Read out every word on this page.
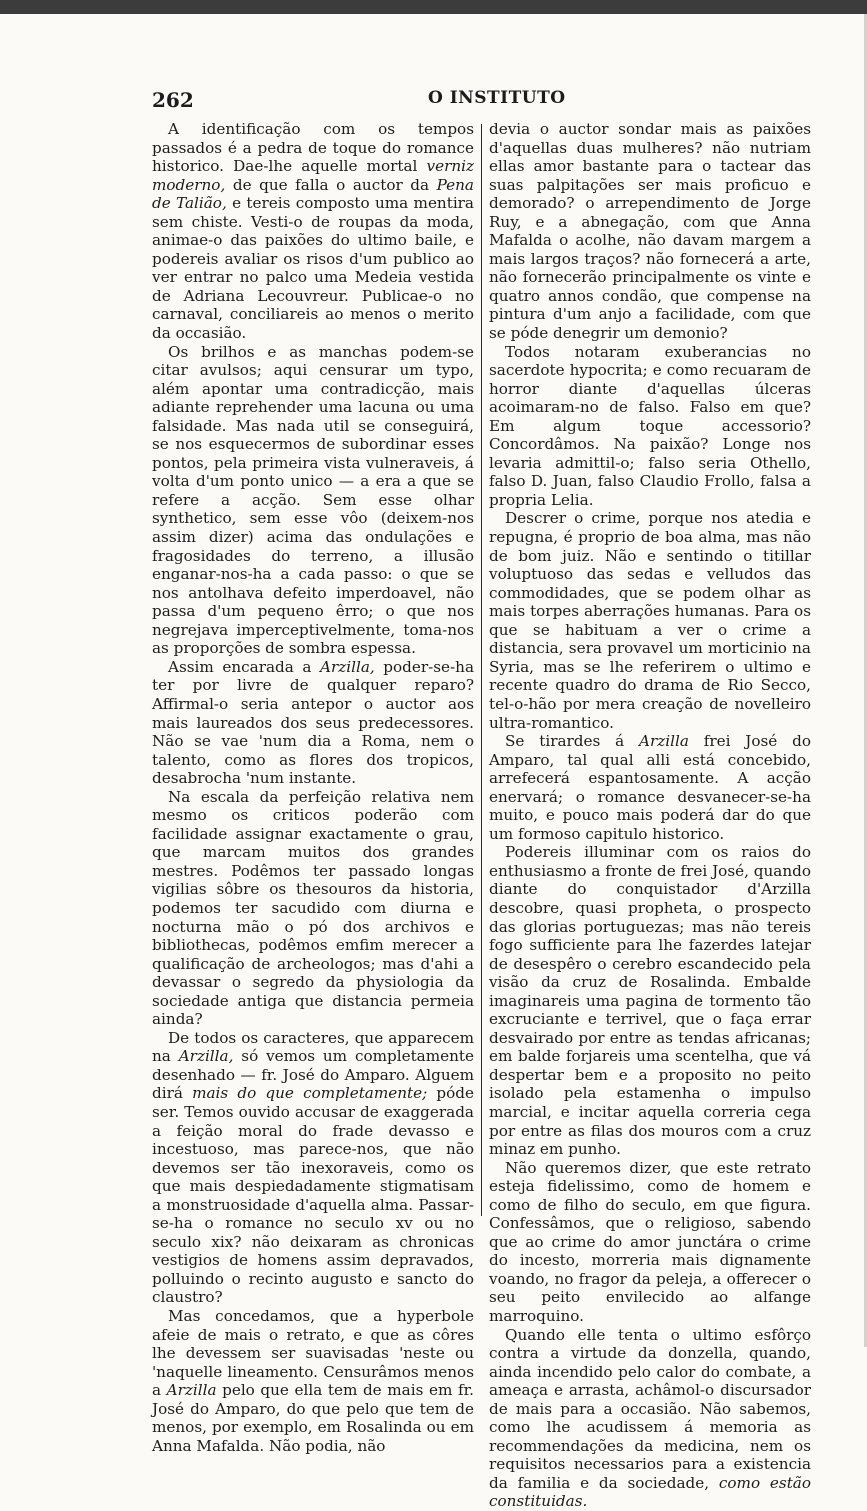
262	O INSTITUTO

A identificação com os tempos passados é a pedra de toque do romance historico. Dae-lhe aquelle mortal verniz moderno, de que falla o auctor da Pena de Talião, e tereis composto uma mentira sem chiste. Vesti-o de roupas da moda, animae-o das paixões do ultimo baile, e podereis avaliar os risos d'um publico ao ver entrar no palco uma Medeia vestida de Adriana Lecouvreur. Publicae-o no carnaval, conciliareis ao menos o merito da occasião.

Os brilhos e as manchas podem-se citar avulsos; aqui censurar um typo, além apontar uma contradicção, mais adiante reprehender uma lacuna ou uma falsidade. Mas nada util se conseguirá, se nos esquecermos de subordinar esses pontos, pela primeira vista vulneraveis, á volta d'um ponto unico — a era a que se refere a acção. Sem esse olhar synthetico, sem esse vôo (deixem-nos assim dizer) acima das ondulações e fragosidades do terreno, a illusão enganar-nos-ha a cada passo: o que se nos antolhava defeito imperdoavel, não passa d'um pequeno êrro; o que nos negrejava imperceptivelmente, toma-nos as proporções de sombra espessa.

Assim encarada a Arzilla, poder-se-ha ter por livre de qualquer reparo? Affirmal-o seria antepor o auctor aos mais laureados dos seus predecessores. Não se vae 'num dia a Roma, nem o talento, como as flores dos tropicos, desabrocha 'num instante.

Na escala da perfeição relativa nem mesmo os criticos poderão com facilidade assignar exactamente o grau, que marcam muitos dos grandes mestres. Podêmos ter passado longas vigilias sôbre os thesouros da historia, podemos ter sacudido com diurna e nocturna mão o pó dos archivos e bibliothecas, podêmos emfim merecer a qualificação de archeologos; mas d'ahi a devassar o segredo da physiologia da sociedade antiga que distancia permeia ainda?

De todos os caracteres, que apparecem na Arzilla, só vemos um completamente desenhado — fr. José do Amparo. Alguem dirá mais do que completamente; póde ser. Temos ouvido accusar de exaggerada a feição moral do frade devasso e incestuoso, mas parece-nos, que não devemos ser tão inexoraveis, como os que mais despiedadamente stigmatisam a monstruosidade d'aquella alma. Passar-se-ha o romance no seculo xv ou no seculo xix? não deixaram as chronicas vestigios de homens assim depravados, polluindo o recinto augusto e sancto do claustro?

Mas concedamos, que a hyperbole afeie de mais o retrato, e que as côres lhe devessem ser suavisadas 'neste ou 'naquelle lineamento. Censurâmos menos a Arzilla pelo que ella tem de mais em fr. José do Amparo, do que pelo que tem de menos, por exemplo, em Rosalinda ou em Anna Mafalda. Não podia, não

devia o auctor sondar mais as paixões d'aquellas duas mulheres? não nutriam ellas amor bastante para o tactear das suas palpitações ser mais proficuo e demorado? o arrependimento de Jorge Ruy, e a abnegação, com que Anna Mafalda o acolhe, não davam margem a mais largos traços? não fornecerá a arte, não fornecerão principalmente os vinte e quatro annos condão, que compense na pintura d'um anjo a facilidade, com que se póde denegrir um demonio?

Todos notaram exuberancias no sacerdote hypocrita; e como recuaram de horror diante d'aquellas úlceras acoimaram-no de falso. Falso em que? Em algum toque accessorio? Concordâmos. Na paixão? Longe nos levaria admittil-o; falso seria Othello, falso D. Juan, falso Claudio Frollo, falsa a propria Lelia.

Descrer o crime, porque nos atedia e repugna, é proprio de boa alma, mas não de bom juiz. Não e sentindo o titillar voluptuoso das sedas e velludos das commodidades, que se podem olhar as mais torpes aberrações humanas. Para os que se habituam a ver o crime a distancia, sera provavel um morticinio na Syria, mas se lhe referirem o ultimo e recente quadro do drama de Rio Secco, tel-o-hão por mera creação de novelleiro ultra-romantico.

Se tirardes á Arzilla frei José do Amparo, tal qual alli está concebido, arrefecerá espantosamente. A acção enervará; o romance desvanecer-se-ha muito, e pouco mais poderá dar do que um formoso capitulo historico.

Podereis illuminar com os raios do enthusiasmo a fronte de frei José, quando diante do conquistador d'Arzilla descobre, quasi propheta, o prospecto das glorias portuguezas; mas não tereis fogo sufficiente para lhe fazerdes latejar de desespêro o cerebro escandecido pela visão da cruz de Rosalinda. Embalde imaginareis uma pagina de tormento tão excruciante e terrivel, que o faça errar desvairado por entre as tendas africanas; em balde forjareis uma scentelha, que vá despertar bem e a proposito no peito isolado pela estamenha o impulso marcial, e incitar aquella correria cega por entre as filas dos mouros com a cruz minaz em punho.

Não queremos dizer, que este retrato esteja fidelissimo, como de homem e como de filho do seculo, em que figura. Confessâmos, que o religioso, sabendo que ao crime do amor junctára o crime do incesto, morreria mais dignamente voando, no fragor da peleja, a offerecer o seu peito envilecido ao alfange marroquino.

Quando elle tenta o ultimo esfôrço contra a virtude da donzella, quando, ainda incendido pelo calor do combate, a ameaça e arrasta, achâmol-o discursador de mais para a occasião. Não sabemos, como lhe acudissem á memoria as recommendações da medicina, nem os requisitos necessarios para a existencia da familia e da sociedade, como estão constituidas.
